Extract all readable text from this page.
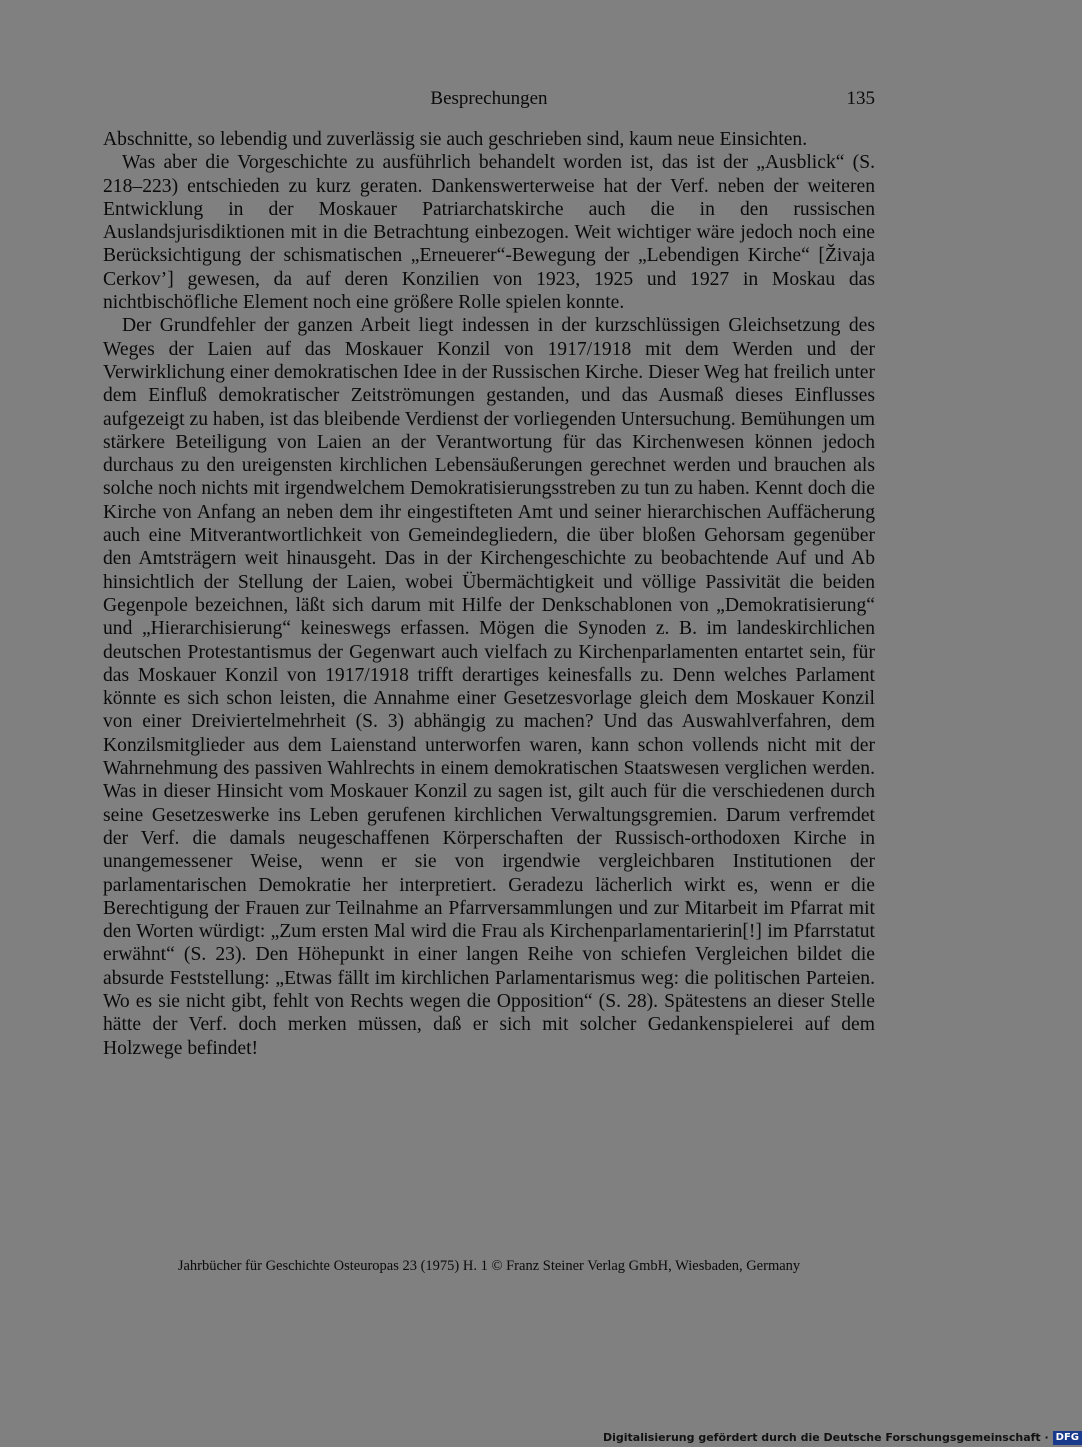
Besprechungen	135

Abschnitte, so lebendig und zuverlässig sie auch geschrieben sind, kaum neue Einsichten.

Was aber die Vorgeschichte zu ausführlich behandelt worden ist, das ist der „Ausblick“ (S. 218–223) entschieden zu kurz geraten. Dankenswerterweise hat der Verf. neben der weiteren Entwicklung in der Moskauer Patriarchatskirche auch die in den russischen Auslandsjurisdiktionen mit in die Betrachtung einbezogen. Weit wichtiger wäre jedoch noch eine Berücksichtigung der schismatischen „Erneuerer“-Bewegung der „Lebendigen Kirche“ [Živaja Cerkov’] gewesen, da auf deren Konzilien von 1923, 1925 und 1927 in Moskau das nichtbischöfliche Element noch eine größere Rolle spielen konnte.

Der Grundfehler der ganzen Arbeit liegt indessen in der kurzschlüssigen Gleichsetzung des Weges der Laien auf das Moskauer Konzil von 1917/1918 mit dem Werden und der Verwirklichung einer demokratischen Idee in der Russischen Kirche. Dieser Weg hat freilich unter dem Einfluß demokratischer Zeitströmungen gestanden, und das Ausmaß dieses Einflusses aufgezeigt zu haben, ist das bleibende Verdienst der vorliegenden Untersuchung. Bemühungen um stärkere Beteiligung von Laien an der Verantwortung für das Kirchenwesen können jedoch durchaus zu den ureigensten kirchlichen Lebensäußerungen gerechnet werden und brauchen als solche noch nichts mit irgendwelchem Demokratisierungsstreben zu tun zu haben. Kennt doch die Kirche von Anfang an neben dem ihr eingestifteten Amt und seiner hierarchischen Auffächerung auch eine Mitverantwortlichkeit von Gemeindegliedern, die über bloßen Gehorsam gegenüber den Amtsträgern weit hinausgeht. Das in der Kirchengeschichte zu beobachtende Auf und Ab hinsichtlich der Stellung der Laien, wobei Übermächtigkeit und völlige Passivität die beiden Gegenpole bezeichnen, läßt sich darum mit Hilfe der Denkschablonen von „Demokratisierung“ und „Hierarchisierung“ keineswegs erfassen. Mögen die Synoden z. B. im landeskirchlichen deutschen Protestantismus der Gegenwart auch vielfach zu Kirchenparlamenten entartet sein, für das Moskauer Konzil von 1917/1918 trifft derartiges keinesfalls zu. Denn welches Parlament könnte es sich schon leisten, die Annahme einer Gesetzesvorlage gleich dem Moskauer Konzil von einer Dreiviertelmehrheit (S. 3) abhängig zu machen? Und das Auswahlverfahren, dem Konzilsmitglieder aus dem Laienstand unterworfen waren, kann schon vollends nicht mit der Wahrnehmung des passiven Wahlrechts in einem demokratischen Staatswesen verglichen werden. Was in dieser Hinsicht vom Moskauer Konzil zu sagen ist, gilt auch für die verschiedenen durch seine Gesetzeswerke ins Leben gerufenen kirchlichen Verwaltungsgremien. Darum verfremdet der Verf. die damals neugeschaffenen Körperschaften der Russisch-orthodoxen Kirche in unangemessener Weise, wenn er sie von irgendwie vergleichbaren Institutionen der parlamentarischen Demokratie her interpretiert. Geradezu lächerlich wirkt es, wenn er die Berechtigung der Frauen zur Teilnahme an Pfarrversammlungen und zur Mitarbeit im Pfarrat mit den Worten würdigt: „Zum ersten Mal wird die Frau als Kirchenparlamentarierin[!] im Pfarrstatut erwähnt“ (S. 23). Den Höhepunkt in einer langen Reihe von schiefen Vergleichen bildet die absurde Feststellung: „Etwas fällt im kirchlichen Parlamentarismus weg: die politischen Parteien. Wo es sie nicht gibt, fehlt von Rechts wegen die Opposition“ (S. 28). Spätestens an dieser Stelle hätte der Verf. doch merken müssen, daß er sich mit solcher Gedankenspielerei auf dem Holzwege befindet!

Jahrbücher für Geschichte Osteuropas 23 (1975) H. 1 © Franz Steiner Verlag GmbH, Wiesbaden, Germany
Digitalisierung gefördert durch die Deutsche Forschungsgemeinschaft · DFG
